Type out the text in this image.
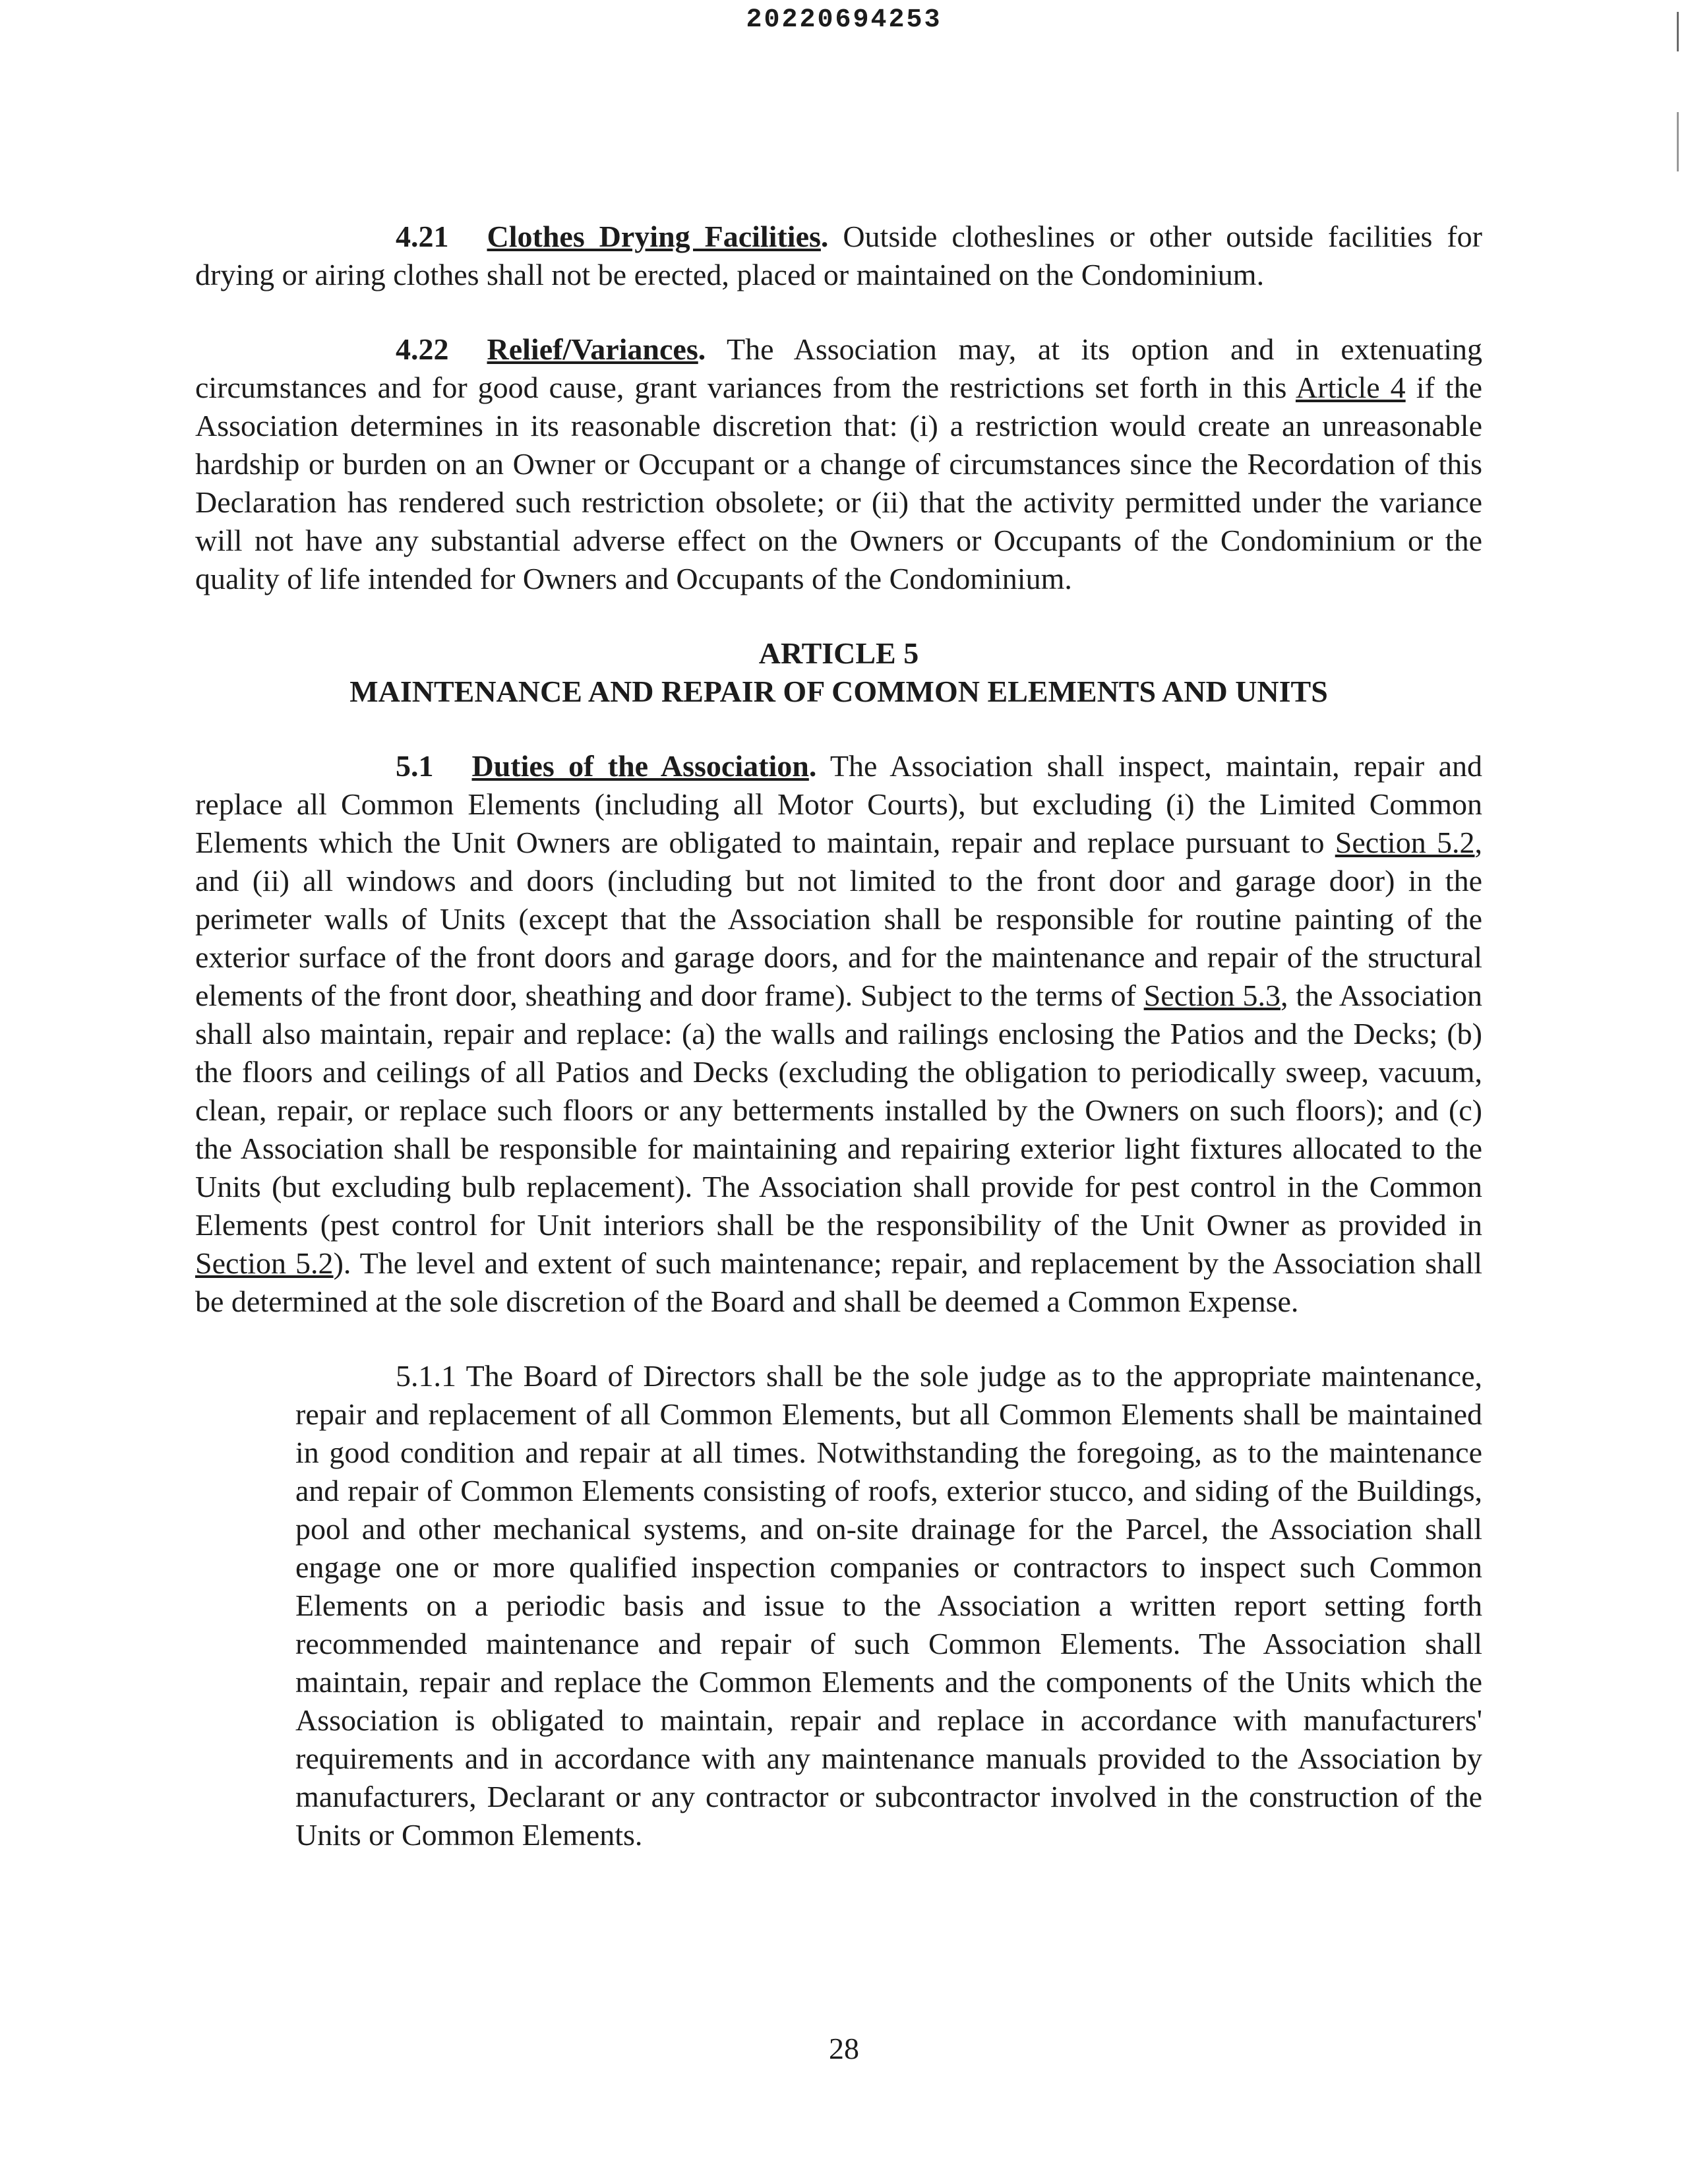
20220694253

4.21 Clothes Drying Facilities. Outside clotheslines or other outside facilities for drying or airing clothes shall not be erected, placed or maintained on the Condominium.

4.22 Relief/Variances. The Association may, at its option and in extenuating circumstances and for good cause, grant variances from the restrictions set forth in this Article 4 if the Association determines in its reasonable discretion that: (i) a restriction would create an unreasonable hardship or burden on an Owner or Occupant or a change of circumstances since the Recordation of this Declaration has rendered such restriction obsolete; or (ii) that the activity permitted under the variance will not have any substantial adverse effect on the Owners or Occupants of the Condominium or the quality of life intended for Owners and Occupants of the Condominium.

ARTICLE 5

MAINTENANCE AND REPAIR OF COMMON ELEMENTS AND UNITS

5.1 Duties of the Association. The Association shall inspect, maintain, repair and replace all Common Elements (including all Motor Courts), but excluding (i) the Limited Common Elements which the Unit Owners are obligated to maintain, repair and replace pursuant to Section 5.2, and (ii) all windows and doors (including but not limited to the front door and garage door) in the perimeter walls of Units (except that the Association shall be responsible for routine painting of the exterior surface of the front doors and garage doors, and for the maintenance and repair of the structural elements of the front door, sheathing and door frame). Subject to the terms of Section 5.3, the Association shall also maintain, repair and replace: (a) the walls and railings enclosing the Patios and the Decks; (b) the floors and ceilings of all Patios and Decks (excluding the obligation to periodically sweep, vacuum, clean, repair, or replace such floors or any betterments installed by the Owners on such floors); and (c) the Association shall be responsible for maintaining and repairing exterior light fixtures allocated to the Units (but excluding bulb replacement). The Association shall provide for pest control in the Common Elements (pest control for Unit interiors shall be the responsibility of the Unit Owner as provided in Section 5.2). The level and extent of such maintenance; repair, and replacement by the Association shall be determined at the sole discretion of the Board and shall be deemed a Common Expense.

5.1.1 The Board of Directors shall be the sole judge as to the appropriate maintenance, repair and replacement of all Common Elements, but all Common Elements shall be maintained in good condition and repair at all times. Notwithstanding the foregoing, as to the maintenance and repair of Common Elements consisting of roofs, exterior stucco, and siding of the Buildings, pool and other mechanical systems, and on-site drainage for the Parcel, the Association shall engage one or more qualified inspection companies or contractors to inspect such Common Elements on a periodic basis and issue to the Association a written report setting forth recommended maintenance and repair of such Common Elements. The Association shall maintain, repair and replace the Common Elements and the components of the Units which the Association is obligated to maintain, repair and replace in accordance with manufacturers' requirements and in accordance with any maintenance manuals provided to the Association by manufacturers, Declarant or any contractor or subcontractor involved in the construction of the Units or Common Elements.

28
